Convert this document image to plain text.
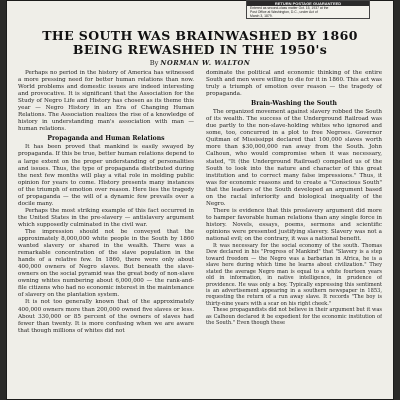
RETURN POSTAGE GUARANTEED
Entered as second-class matter Oct. 15, 1937 at the
Post Office at Washington, D.C., under Act of
March 3, 1879.
THE SOUTH WAS BRAINWASHED BY 1860
BEING REWASHED IN THE 1950's
By NORMAN W. WALTON

Perhaps no period in the history of America has witnessed a more pressing need for better human relations than now. World problems and domestic issues are indeed interesting and provocative. It is significant that the Association for the Study of Negro Life and History has chosen as its theme this year — Negro History in an Era of Changing Human Relations. The Association realizes the rise of a knowledge of history in understanding man's association with man — human relations.

Propaganda and Human Relations

It has been proved that mankind is easily swayed by propaganda. If this be true, better human relations depend to a large extent on the proper understanding of personalities and issues. Thus, the type of propaganda distributed during the next few months will play a vital role in molding public opinion for years to come. History presents many instances of the triumph of emotion over reason. Here lies the tragedy of propaganda — the will of a dynamic few prevails over a docile many.

Perhaps the most striking example of this fact occurred in the United States in the pre-slavery — antislavery argument which supposedly culminated in the civil war.

The impression should not be conveyed that the approximately 8,000,000 white people in the South by 1860 wanted slavery or shared in the wealth. There was a remarkable concentration of the slave population in the hands of a relative few. In 1860, there were only about 400,000 owners of Negro slaves. But beneath the slave-owners on the social pyramid was the great body of non-slave owning whites numbering about 6,000,000 — the rank-and-file citizens who had no economic interest in the maintenance of slavery on the plantation system.

It is not too generally known that of the approximately 400,000 owners more than 200,000 owned five slaves or less. About 330,000 or 85 percent of the owners of slaves had fewer than twenty. It is more confusing when we are aware that though millions of whites did not

dominate the political and economic thinking of the entire South and men were willing to die for it in 1860. This act was truly a triumph of emotion over reason — the tragedy of propaganda.

Brain-Washing the South

The organized movement against slavery robbed the South of its wealth. The success of the Underground Railroad was due partly to the non-slave-holding whites who ignored and some, too, concurred in a plot to free Negroes. Governor Quitman of Mississippi declared that 100,000 slaves worth more than $30,000,000 ran away from the South. John Calhoun, who would compromise when it was necessary, stated, "It (the Underground Railroad) compelled us of the South to look into the nature and character of this great institution and to correct many false impressions." Thus, it was for economic reasons and to create a "Conscious South" that the leaders of the South developed an argument based on the racial inferiority and biological inequality of the Negro.

There is evidence that this proslavery argument did more to hamper favorable human relations than any single force in history. Novels, essays, poems, sermons and scientific opinions were presented justifying slavery. Slavery was not a national evil; on the contrary, it was a national benefit.

It was necessary for the social economy of the south. Thomas Dew declared in his "Progress of Mankind" that "Slavery is a step toward freedom — the Negro was a barbarian in Africa, he is a slave here during which time he learns about civilization." They stated the average Negro man is equal to a white fourteen years old in information, in native intelligence, in prudence of providence. He was only a boy. Typically expressing this sentiment is an advertisement appearing in a southern newspaper in 1853, requesting the return of a run away slave. It records "The boy is thirty-nine years with a scar on his right cheek."

These propagandists did not believe in their argument but it was as Calhoun declared it be expedient for the economic institution of the South." Even though these
